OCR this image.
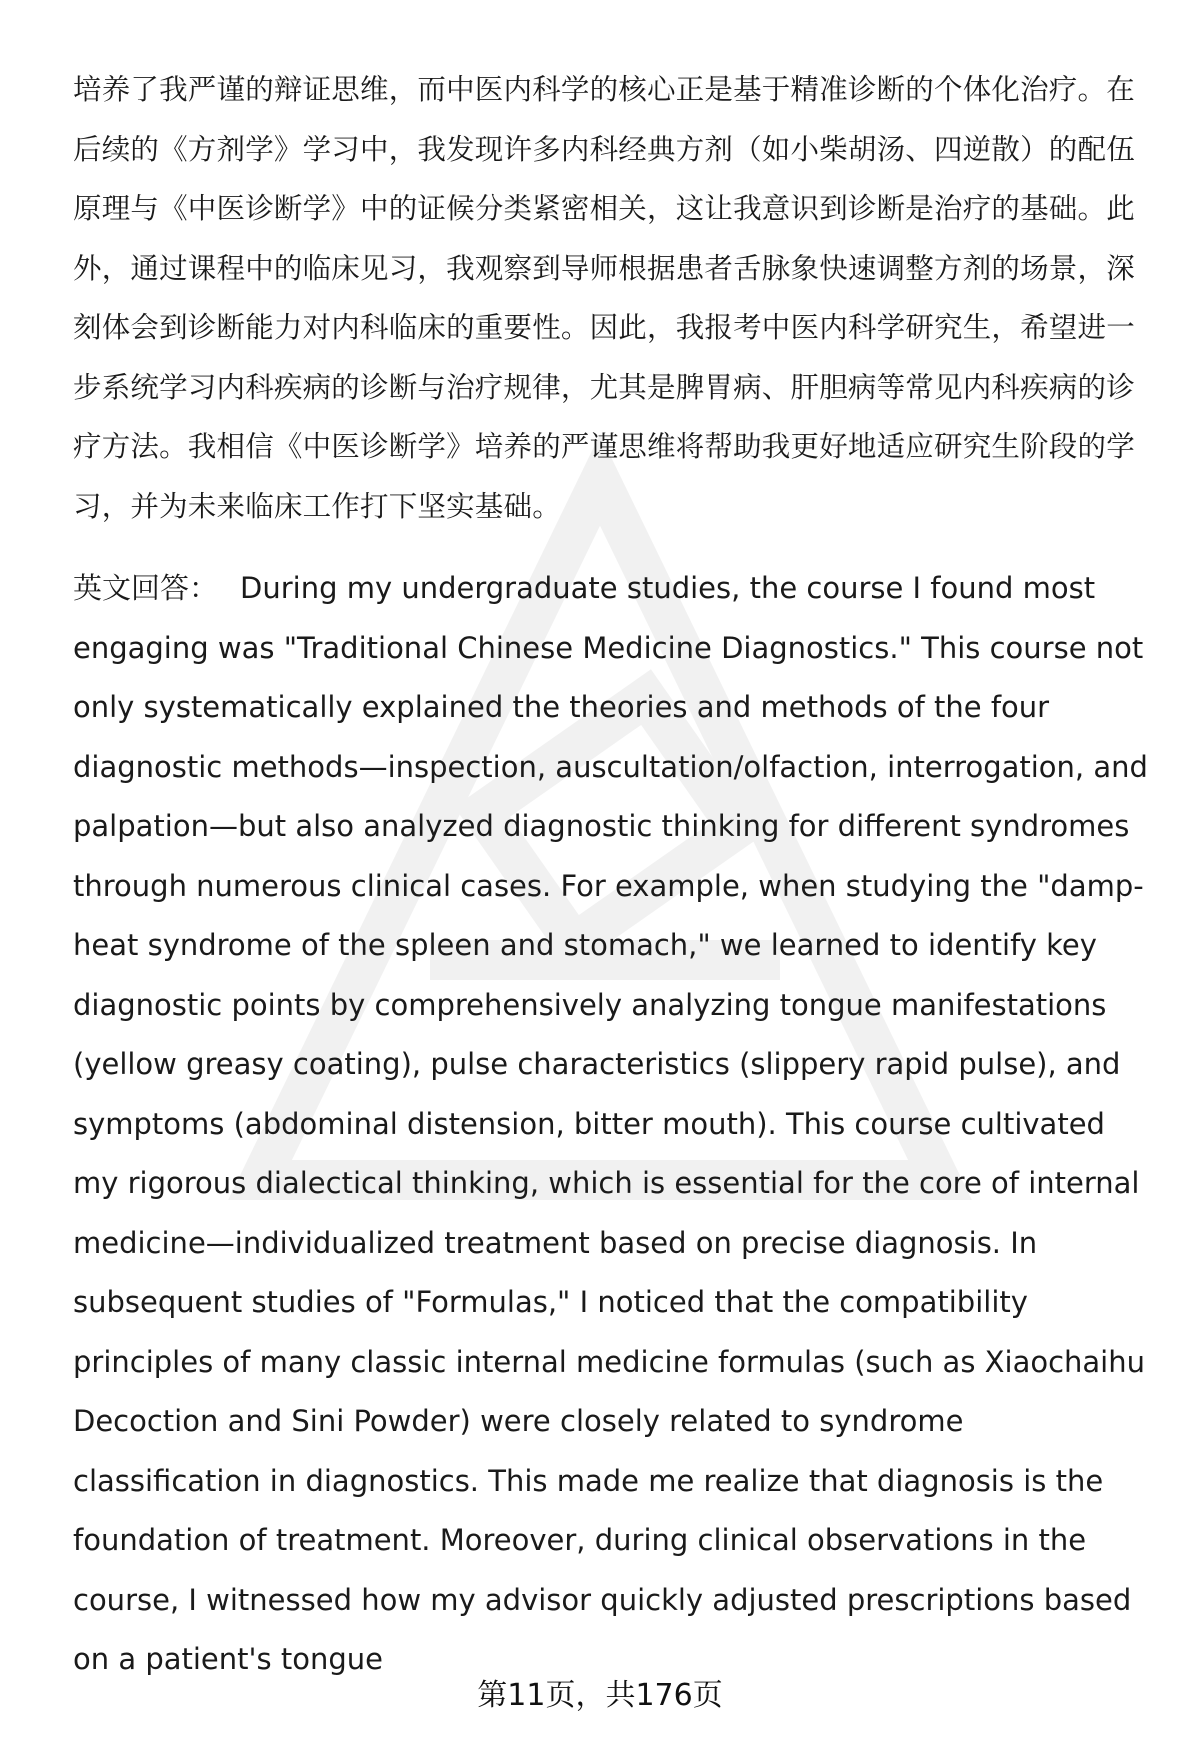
培养了我严谨的辩证思维，而中医内科学的核心正是基于精准诊断的个体化治疗。在后续的《方剂学》学习中，我发现许多内科经典方剂（如小柴胡汤、四逆散）的配伍原理与《中医诊断学》中的证候分类紧密相关，这让我意识到诊断是治疗的基础。此外，通过课程中的临床见习，我观察到导师根据患者舌脉象快速调整方剂的场景，深刻体会到诊断能力对内科临床的重要性。因此，我报考中医内科学研究生，希望进一步系统学习内科疾病的诊断与治疗规律，尤其是脾胃病、肝胆病等常见内科疾病的诊疗方法。我相信《中医诊断学》培养的严谨思维将帮助我更好地适应研究生阶段的学习，并为未来临床工作打下坚实基础。

英文回答： During my undergraduate studies, the course I found most engaging was "Traditional Chinese Medicine Diagnostics." This course not only systematically explained the theories and methods of the four diagnostic methods—inspection, auscultation/olfaction, interrogation, and palpation—but also analyzed diagnostic thinking for different syndromes through numerous clinical cases. For example, when studying the "damp-heat syndrome of the spleen and stomach," we learned to identify key diagnostic points by comprehensively analyzing tongue manifestations (yellow greasy coating), pulse characteristics (slippery rapid pulse), and symptoms (abdominal distension, bitter mouth). This course cultivated my rigorous dialectical thinking, which is essential for the core of internal medicine—individualized treatment based on precise diagnosis. In subsequent studies of "Formulas," I noticed that the compatibility principles of many classic internal medicine formulas (such as Xiaochaihu Decoction and Sini Powder) were closely related to syndrome classification in diagnostics. This made me realize that diagnosis is the foundation of treatment. Moreover, during clinical observations in the course, I witnessed how my advisor quickly adjusted prescriptions based on a patient's tongue

第11页，共176页
